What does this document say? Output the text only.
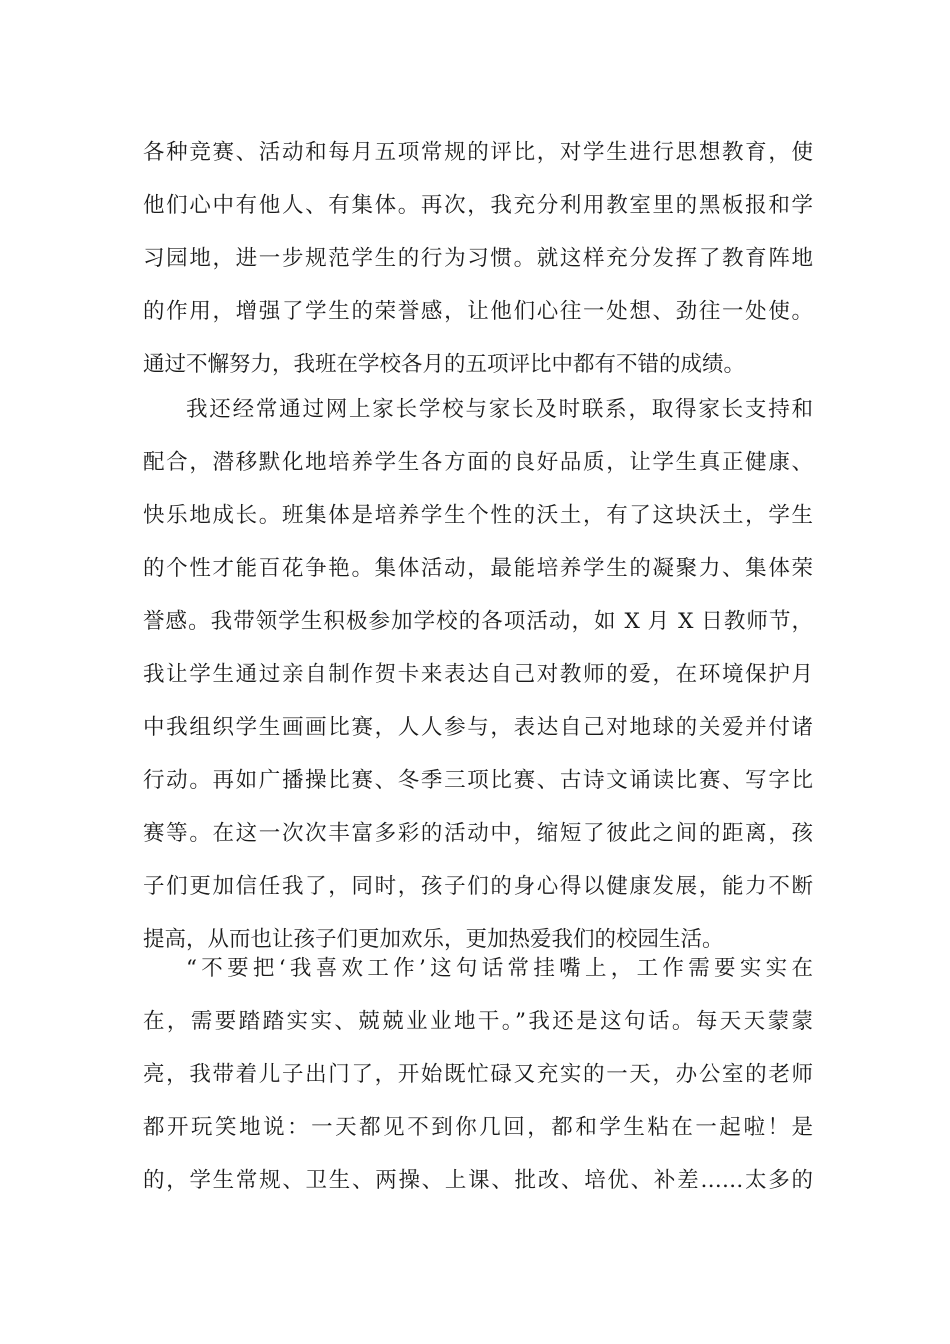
各种竞赛、活动和每月五项常规的评比，对学生进行思想教育，使
他们心中有他人、有集体。再次，我充分利用教室里的黑板报和学
习园地，进一步规范学生的行为习惯。就这样充分发挥了教育阵地
的作用，增强了学生的荣誉感，让他们心往一处想、劲往一处使。
通过不懈努力，我班在学校各月的五项评比中都有不错的成绩。
我还经常通过网上家长学校与家长及时联系，取得家长支持和
配合，潜移默化地培养学生各方面的良好品质，让学生真正健康、
快乐地成长。班集体是培养学生个性的沃土，有了这块沃土，学生
的个性才能百花争艳。集体活动，最能培养学生的凝聚力、集体荣
誉感。我带领学生积极参加学校的各项活动，如 X 月 X 日教师节，
我让学生通过亲自制作贺卡来表达自己对教师的爱，在环境保护月
中我组织学生画画比赛，人人参与，表达自己对地球的关爱并付诸
行动。再如广播操比赛、冬季三项比赛、古诗文诵读比赛、写字比
赛等。在这一次次丰富多彩的活动中，缩短了彼此之间的距离，孩
子们更加信任我了，同时，孩子们的身心得以健康发展，能力不断
提高，从而也让孩子们更加欢乐，更加热爱我们的校园生活。
“不要把‘我喜欢工作’这句话常挂嘴上，工作需要实实在
在，需要踏踏实实、兢兢业业地干。”我还是这句话。每天天蒙蒙
亮，我带着儿子出门了，开始既忙碌又充实的一天，办公室的老师
都开玩笑地说：一天都见不到你几回，都和学生粘在一起啦！是
的，学生常规、卫生、两操、上课、批改、培优、补差……太多的
